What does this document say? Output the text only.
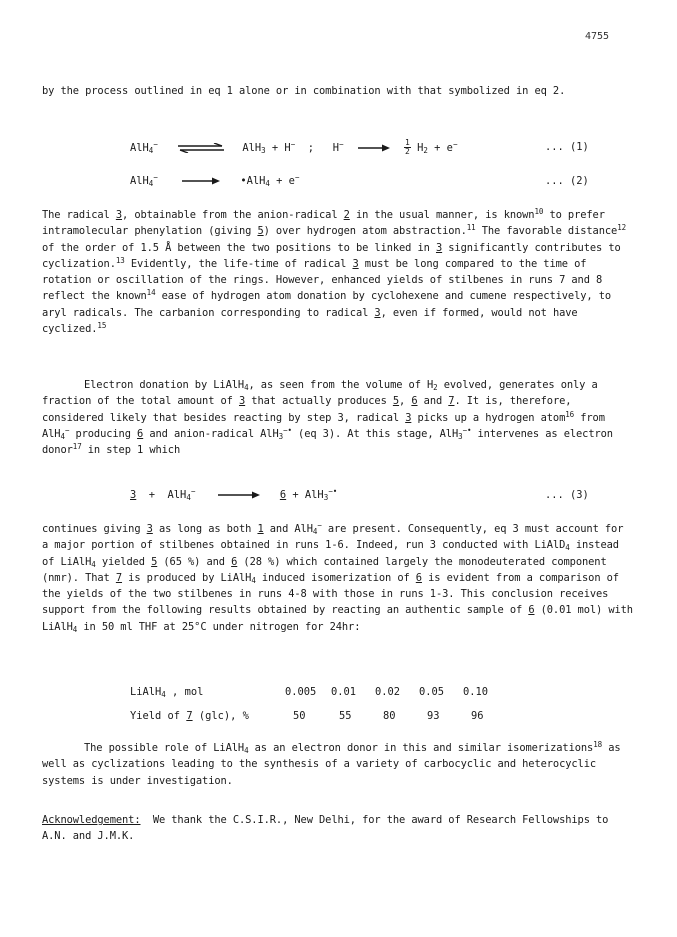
4755

by the process outlined in eq 1 alone or in combination with that symbolized in eq 2.

AlH$_4$−	AlH$_3$ + H−  ;   $H^- \to \frac{1}{2} H_2 + e^-$	... (1)
AlH$_4$−	•AlH$_4$ + e−	... (2)

The radical 3, obtainable from the anion-radical 2 in the usual manner, is known$^{10}$ to prefer intramolecular phenylation (giving 5) over hydrogen atom abstraction.$^{11}$ The favorable distance$^{12}$ of the order of 1.5 Å between the two positions to be linked in 3 significantly contributes to cyclization.$^{13}$ Evidently, the life-time of radical 3 must be long compared to the time of rotation or oscillation of the rings. However, enhanced yields of stilbenes in runs 7 and 8 reflect the known$^{14}$ ease of hydrogen atom donation by cyclohexene and cumene respectively, to aryl radicals. The carbanion corresponding to radical 3, even if formed, would not have cyclized.$^{15}$

Electron donation by LiAlH$_4$, as seen from the volume of $H_2$ evolved, generates only a fraction of the total amount of 3 that actually produces 5, 6 and 7. It is, therefore, considered likely that besides reacting by step 3, radical 3 picks up a hydrogen atom$^{16}$ from AlH$_4$− producing 6 and anion-radical AlH$_3$−• (eq 3). At this stage, AlH$_3$−• intervenes as electron donor$^{17}$ in step 1 which

3  +  AlH$_4$−	6 + AlH$_3$−•	... (3)

continues giving 3 as long as both 1 and AlH$_4$− are present. Consequently, eq 3 must account for a major portion of stilbenes obtained in runs 1-6. Indeed, run 3 conducted with LiAlD$_4$ instead of LiAlH$_4$ yielded 5 (65 %) and 6 (28 %) which contained largely the monodeuterated component (nmr). That 7 is produced by LiAlH$_4$ induced isomerization of 6 is evident from a comparison of the yields of the two stilbenes in runs 4-8 with those in runs 1-3. This conclusion receives support from the following results obtained by reacting an authentic sample of 6 (0.01 mol) with LiAlH$_4$ in 50 ml THF at 25°C under nitrogen for 24hr:

LiAlH$_4$ , mol	0.005	0.01	0.02	0.05	0.10
Yield of 7 (glc), %	50	55	80	93	96

The possible role of LiAlH$_4$ as an electron donor in this and similar isomerizations$^{18}$ as well as cyclizations leading to the synthesis of a variety of carbocyclic and heterocyclic systems is under investigation.

Acknowledgement: We thank the C.S.I.R., New Delhi, for the award of Research Fellowships to A.N. and J.M.K.
